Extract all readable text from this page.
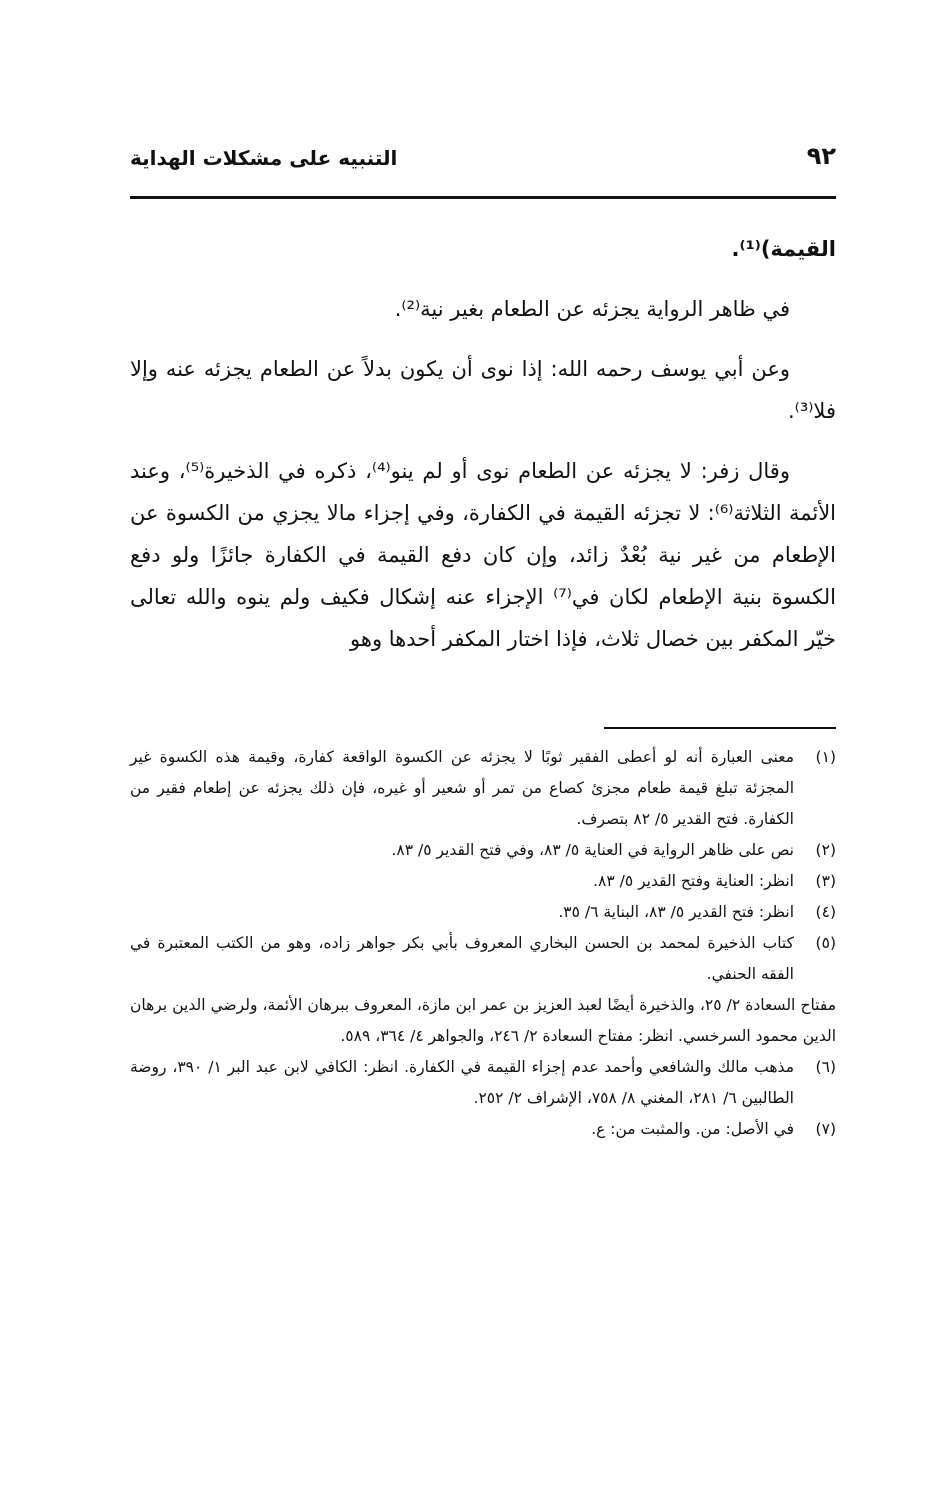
٩٢
التنبيه على مشكلات الهداية

القيمة)⁽¹⁾.

في ظاهر الرواية يجزئه عن الطعام بغير نية⁽²⁾.

وعن أبي يوسف رحمه الله: إذا نوى أن يكون بدلاً عن الطعام يجزئه عنه وإلا فلا⁽³⁾.

وقال زفر: لا يجزئه عن الطعام نوى أو لم ينو⁽⁴⁾، ذكره في الذخيرة⁽⁵⁾، وعند الأئمة الثلاثة⁽⁶⁾: لا تجزئه القيمة في الكفارة، وفي إجزاء مالا يجزي من الكسوة عن الإطعام من غير نية بُعْدٌ زائد، وإن كان دفع القيمة في الكفارة جائزًا ولو دفع الكسوة بنية الإطعام لكان في⁽⁷⁾ الإجزاء عنه إشكال فكيف ولم ينوه والله تعالى خيّر المكفر بين خصال ثلاث، فإذا اختار المكفر أحدها وهو

(١)
معنى العبارة أنه لو أعطى الفقير ثوبًا لا يجزئه عن الكسوة الواقعة كفارة، وقيمة هذه الكسوة غير المجزئة تبلغ قيمة طعام مجزئ كصاع من تمر أو شعير أو غيره، فإن ذلك يجزئه عن إطعام فقير من الكفارة. فتح القدير ٥/ ٨٢ بتصرف.
(٢)
نص على ظاهر الرواية في العناية ٥/ ٨٣، وفي فتح القدير ٥/ ٨٣.
(٣)
انظر: العناية وفتح القدير ٥/ ٨٣.
(٤)
انظر: فتح القدير ٥/ ٨٣، البناية ٦/ ٣٥.
(٥)
كتاب الذخيرة لمحمد بن الحسن البخاري المعروف بأبي بكر جواهر زاده، وهو من الكتب المعتبرة في الفقه الحنفي.
مفتاح السعادة ٢/ ٢٥، والذخيرة أيضًا لعبد العزيز بن عمر ابن مازة، المعروف ببرهان الأئمة، ولرضي الدين برهان الدين محمود السرخسي. انظر: مفتاح السعادة ٢/ ٢٤٦، والجواهر ٤/ ٣٦٤، ٥٨٩.
(٦)
مذهب مالك والشافعي وأحمد عدم إجزاء القيمة في الكفارة. انظر: الكافي لابن عبد البر ١/ ٣٩٠، روضة الطالبين ٦/ ٢٨١، المغني ٨/ ٧٥٨، الإشراف ٢/ ٢٥٢.
(٧)
في الأصل: من. والمثبت من: ع.
